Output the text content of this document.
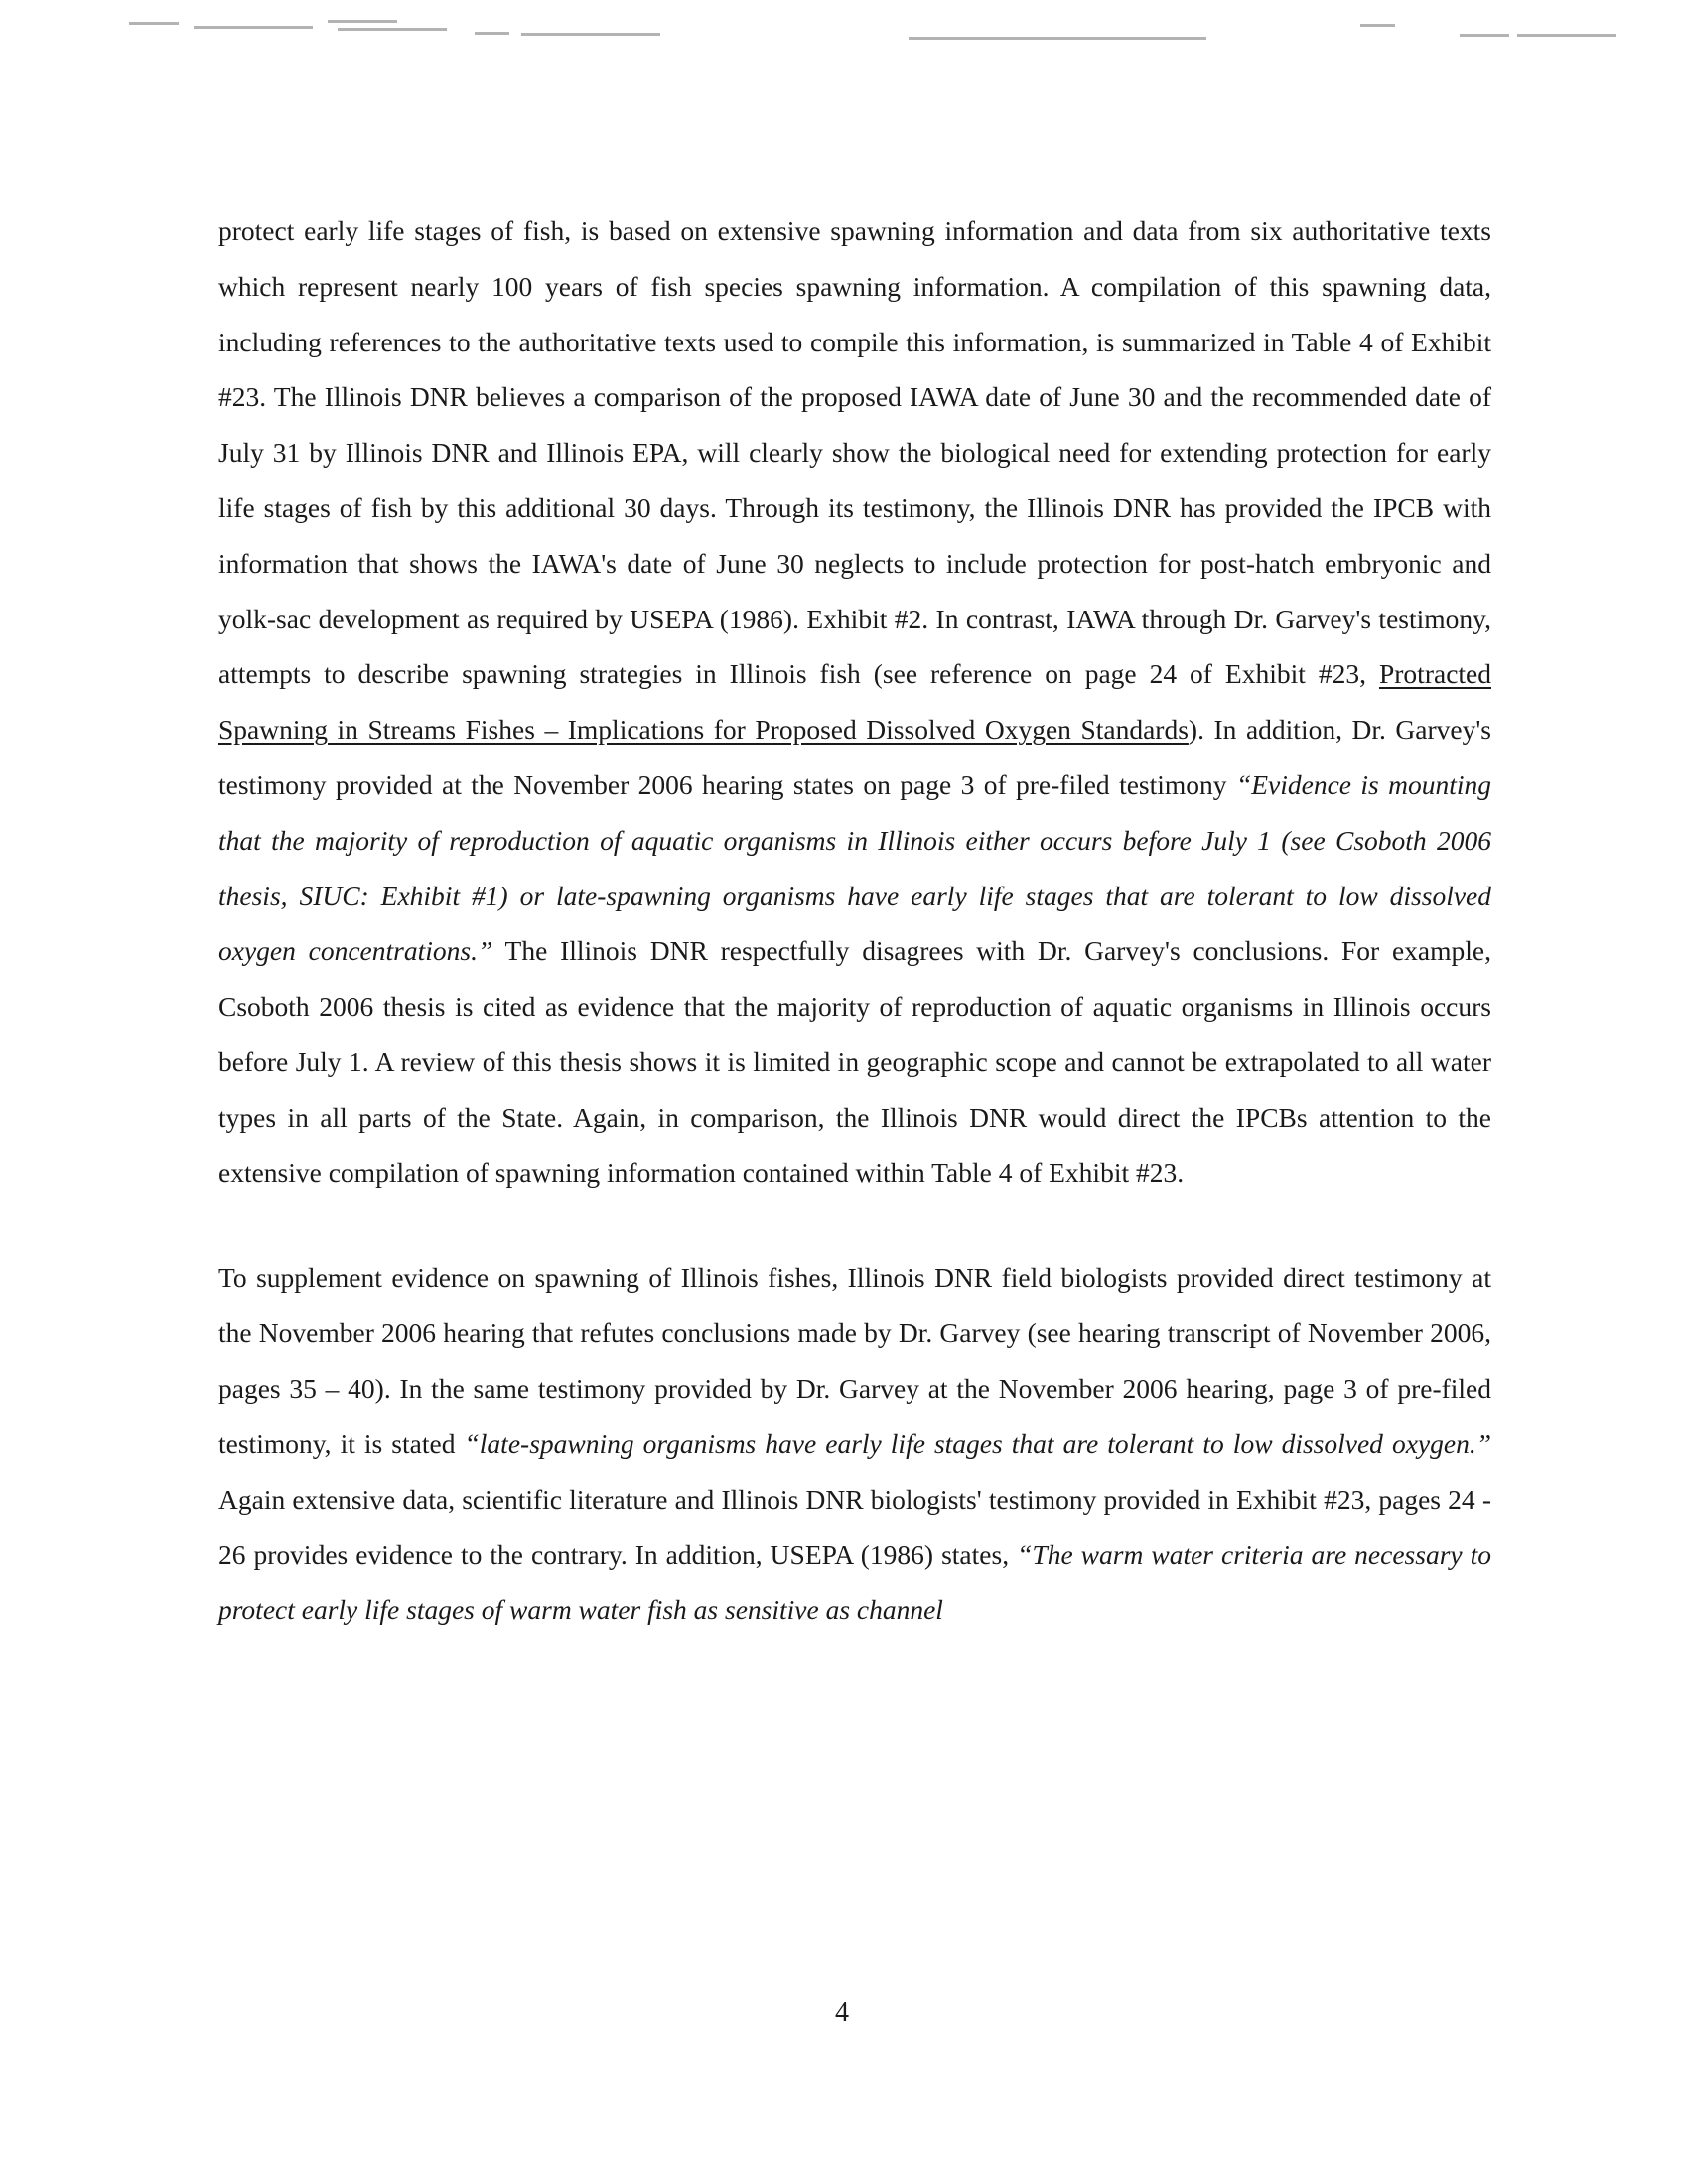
protect early life stages of fish, is based on extensive spawning information and data from six authoritative texts which represent nearly 100 years of fish species spawning information. A compilation of this spawning data, including references to the authoritative texts used to compile this information, is summarized in Table 4 of Exhibit #23. The Illinois DNR believes a comparison of the proposed IAWA date of June 30 and the recommended date of July 31 by Illinois DNR and Illinois EPA, will clearly show the biological need for extending protection for early life stages of fish by this additional 30 days. Through its testimony, the Illinois DNR has provided the IPCB with information that shows the IAWA's date of June 30 neglects to include protection for post-hatch embryonic and yolk-sac development as required by USEPA (1986). Exhibit #2. In contrast, IAWA through Dr. Garvey's testimony, attempts to describe spawning strategies in Illinois fish (see reference on page 24 of Exhibit #23, Protracted Spawning in Streams Fishes – Implications for Proposed Dissolved Oxygen Standards). In addition, Dr. Garvey's testimony provided at the November 2006 hearing states on page 3 of pre-filed testimony “Evidence is mounting that the majority of reproduction of aquatic organisms in Illinois either occurs before July 1 (see Csoboth 2006 thesis, SIUC: Exhibit #1) or late-spawning organisms have early life stages that are tolerant to low dissolved oxygen concentrations.” The Illinois DNR respectfully disagrees with Dr. Garvey's conclusions. For example, Csoboth 2006 thesis is cited as evidence that the majority of reproduction of aquatic organisms in Illinois occurs before July 1. A review of this thesis shows it is limited in geographic scope and cannot be extrapolated to all water types in all parts of the State. Again, in comparison, the Illinois DNR would direct the IPCBs attention to the extensive compilation of spawning information contained within Table 4 of Exhibit #23.

To supplement evidence on spawning of Illinois fishes, Illinois DNR field biologists provided direct testimony at the November 2006 hearing that refutes conclusions made by Dr. Garvey (see hearing transcript of November 2006, pages 35 – 40). In the same testimony provided by Dr. Garvey at the November 2006 hearing, page 3 of pre-filed testimony, it is stated “late-spawning organisms have early life stages that are tolerant to low dissolved oxygen.” Again extensive data, scientific literature and Illinois DNR biologists' testimony provided in Exhibit #23, pages 24 - 26 provides evidence to the contrary. In addition, USEPA (1986) states, “The warm water criteria are necessary to protect early life stages of warm water fish as sensitive as channel

4
